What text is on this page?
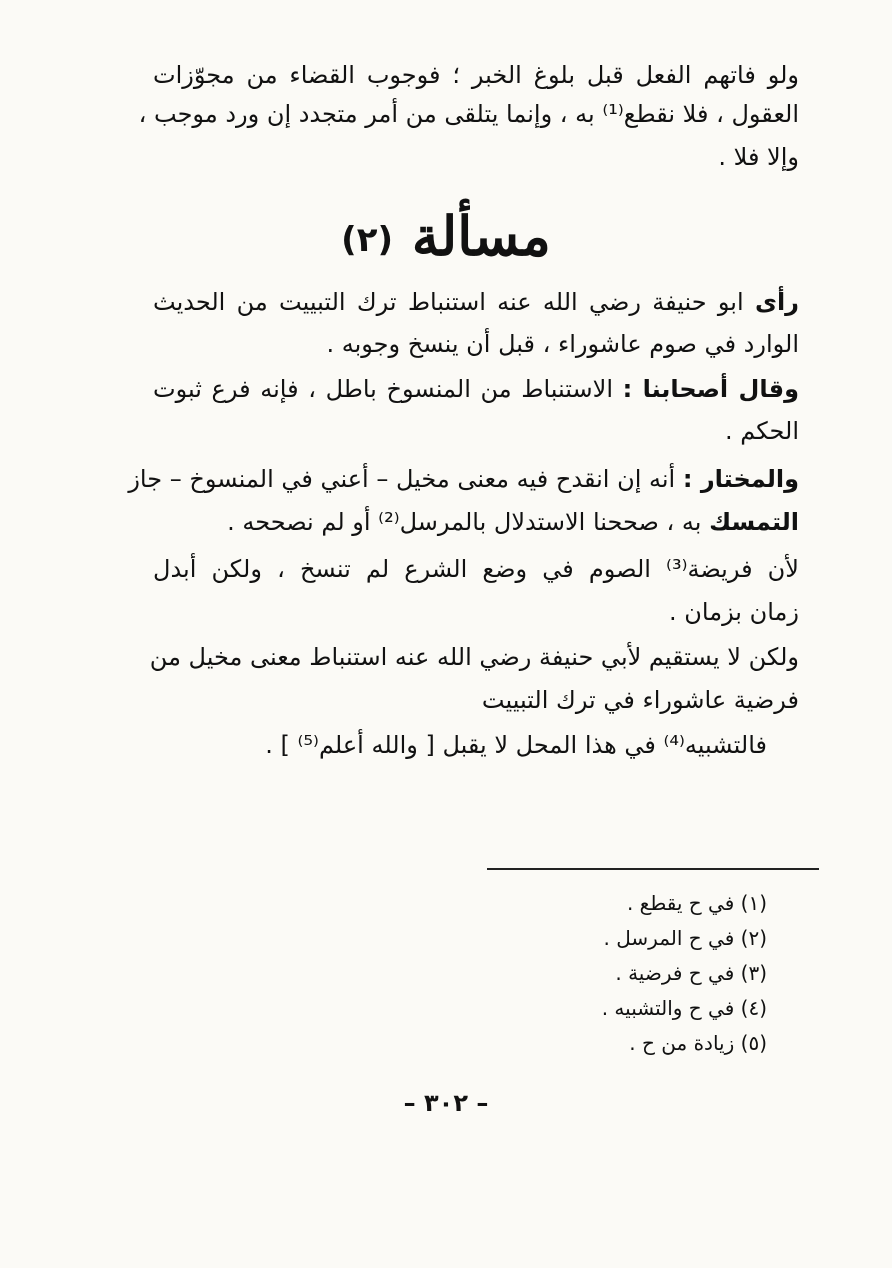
ولو فاتهم الفعل قبل بلوغ الخبر ؛ فوجوب القضاء من مجوّزات
العقول ، فلا نقطع⁽¹⁾ به ، وإنما يتلقى من أمر متجدد إن ورد موجب ،
وإلا فلا .
مسألة (٢)
رأى ابو حنيفة رضي الله عنه استنباط ترك التبييت من الحديث
الوارد في صوم عاشوراء ، قبل أن ينسخ وجوبه .
وقال أصحابنا : الاستنباط من المنسوخ باطل ، فإنه فرع ثبوت
الحكم .
والمختار : أنه إن انقدح فيه معنى مخيل – أعني في المنسوخ – جاز
التمسك به ، صححنا الاستدلال بالمرسل⁽²⁾ أو لم نصححه .
لأن فريضة⁽³⁾ الصوم في وضع الشرع لم تنسخ ، ولكن أبدل
زمان بزمان .
ولكن لا يستقيم لأبي حنيفة رضي الله عنه استنباط معنى مخيل من
فرضية عاشوراء في ترك التبييت
فالتشبيه⁽⁴⁾ في هذا المحل لا يقبل [ والله أعلم⁽⁵⁾ ] .
(١) في ح يقطع .
(٢) في ح المرسل .
(٣) في ح فرضية .
(٤) في ح والتشبيه .
(٥) زيادة من ح .
– ٣٠٢ –
